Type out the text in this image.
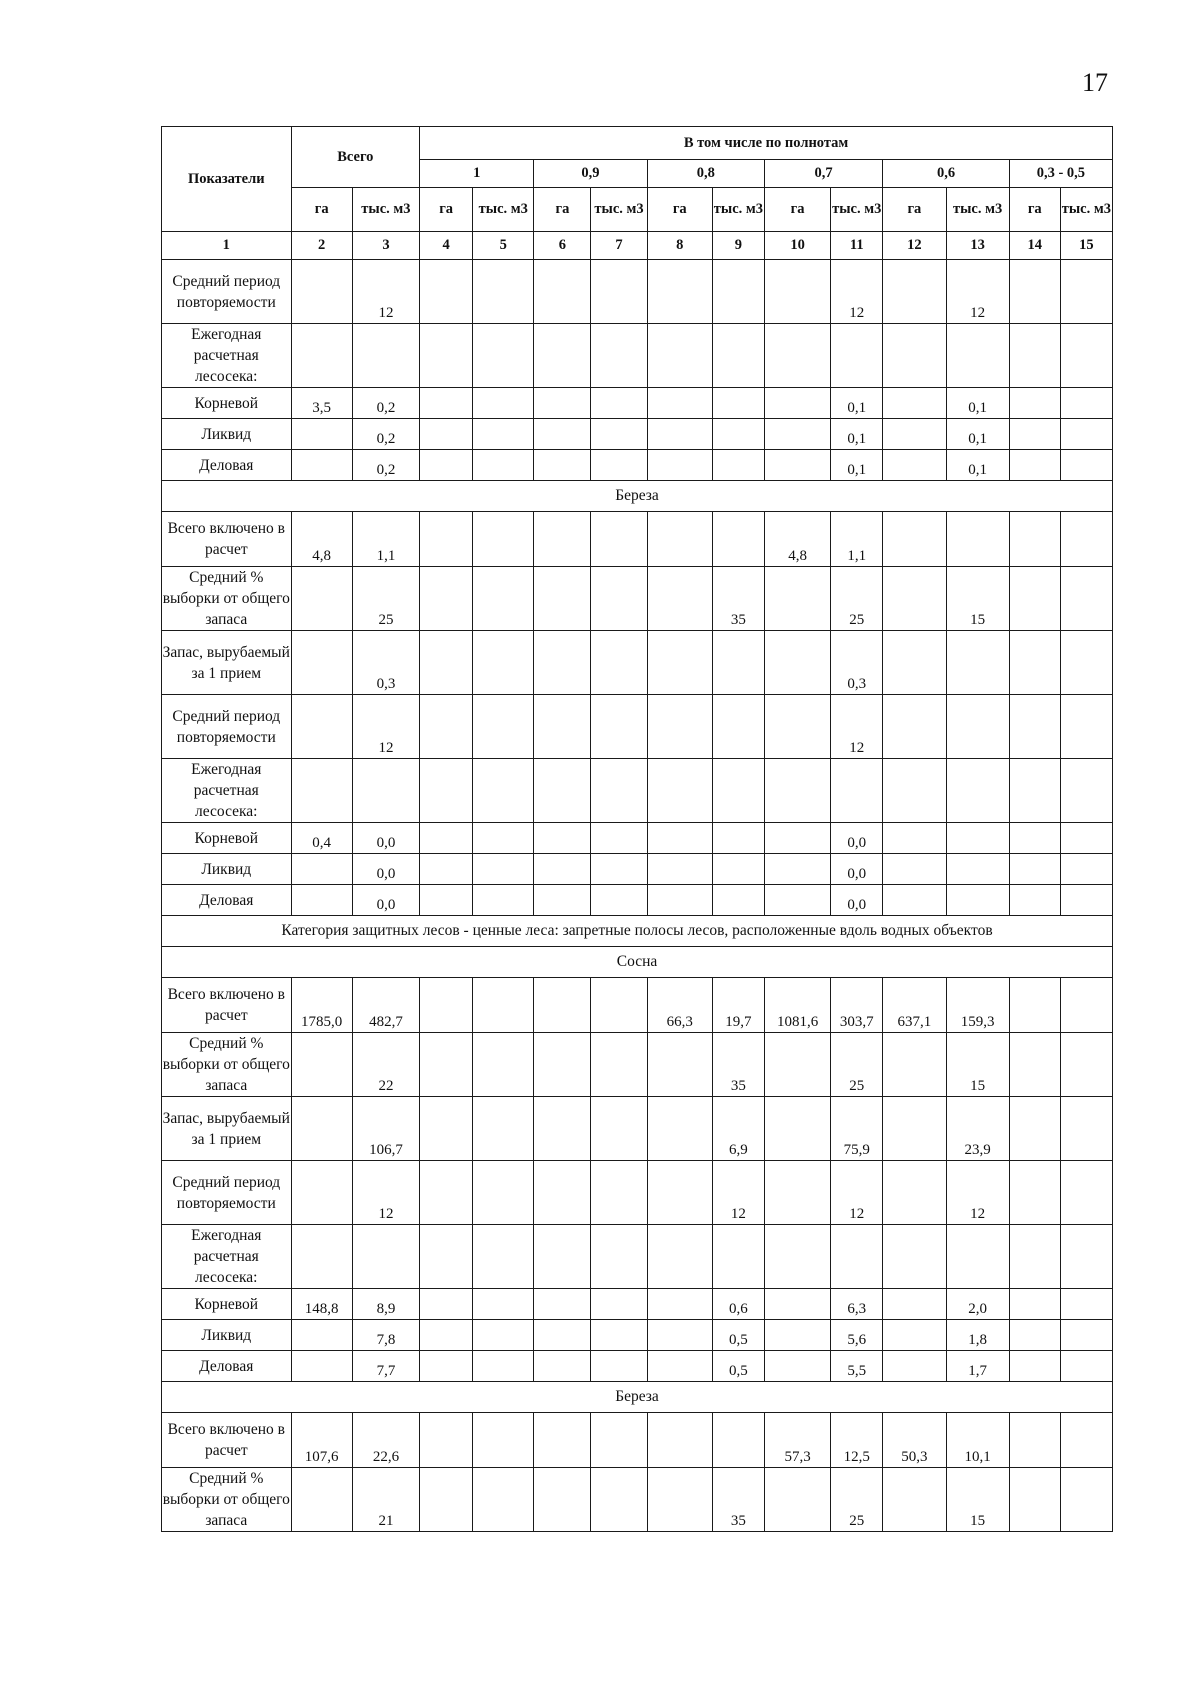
17
Показатели	Всего		В том числе по полнотам											
			1		0,9		0,8		0,7		0,6		0,3 - 0,5	
	га	тыс. м3	га	тыс. м3	га	тыс. м3	га	тыс. м3	га	тыс. м3	га	тыс. м3	га	тыс. м3
1	2	3	4	5	6	7	8	9	10	11	12	13	14	15
Средний период повторяемости		12								12		12		
Ежегодная расчетная лесосека:														
Корневой	3,5	0,2								0,1		0,1		
Ликвид		0,2								0,1		0,1		
Деловая		0,2								0,1		0,1		
Береза														
Всего включено в расчет	4,8	1,1							4,8	1,1				
Средний % выборки от общего запаса		25						35		25		15		
Запас, вырубаемый за 1 прием		0,3								0,3				
Средний период повторяемости		12								12				
Ежегодная расчетная лесосека:														
Корневой	0,4	0,0								0,0				
Ликвид		0,0								0,0				
Деловая		0,0								0,0				
Категория защитных лесов - ценные леса: запретные полосы лесов, расположенные вдоль водных объектов														
Сосна														
Всего включено в расчет	1785,0	482,7					66,3	19,7	1081,6	303,7	637,1	159,3		
Средний % выборки от общего запаса		22						35		25		15		
Запас, вырубаемый за 1 прием		106,7						6,9		75,9		23,9		
Средний период повторяемости		12						12		12		12		
Ежегодная расчетная лесосека:														
Корневой	148,8	8,9						0,6		6,3		2,0		
Ликвид		7,8						0,5		5,6		1,8		
Деловая		7,7						0,5		5,5		1,7		
Береза														
Всего включено в расчет	107,6	22,6							57,3	12,5	50,3	10,1		
Средний % выборки от общего запаса		21						35		25		15		
